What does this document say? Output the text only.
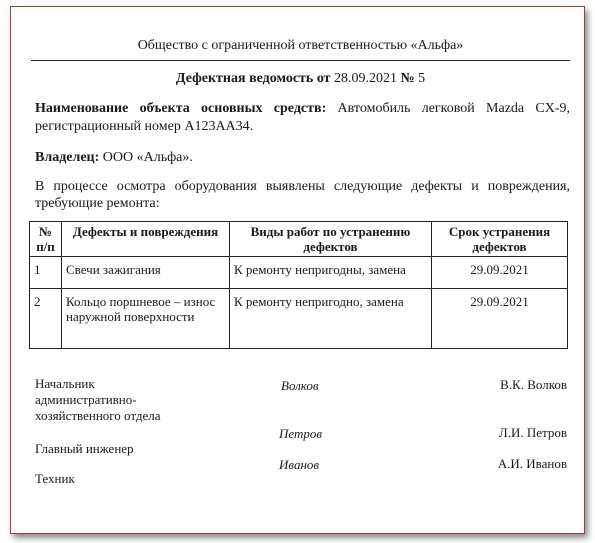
Общество с ограниченной ответственностью «Альфа»
Дефектная ведомость от 28.09.2021 № 5
Наименование объекта основных средств: Автомобиль легковой Mazda CX-9, регистрационный номер А123АА34.
Владелец: ООО «Альфа».
В процессе осмотра оборудования выявлены следующие дефекты и повреждения, требующие ремонта:
№ п/п	Дефекты и повреждения	Виды работ по устранению дефектов	Срок устранения дефектов
1	Свечи зажигания	К ремонту непригодны, замена	29.09.2021
2	Кольцо поршневое – износ наружной поверхности	К ремонту непригодно, замена	29.09.2021
Начальник административно-хозяйственного отдела
Волков	В.К. Волков
Главный инженер
Петров	Л.И. Петров
Техник
Иванов	А.И. Иванов
